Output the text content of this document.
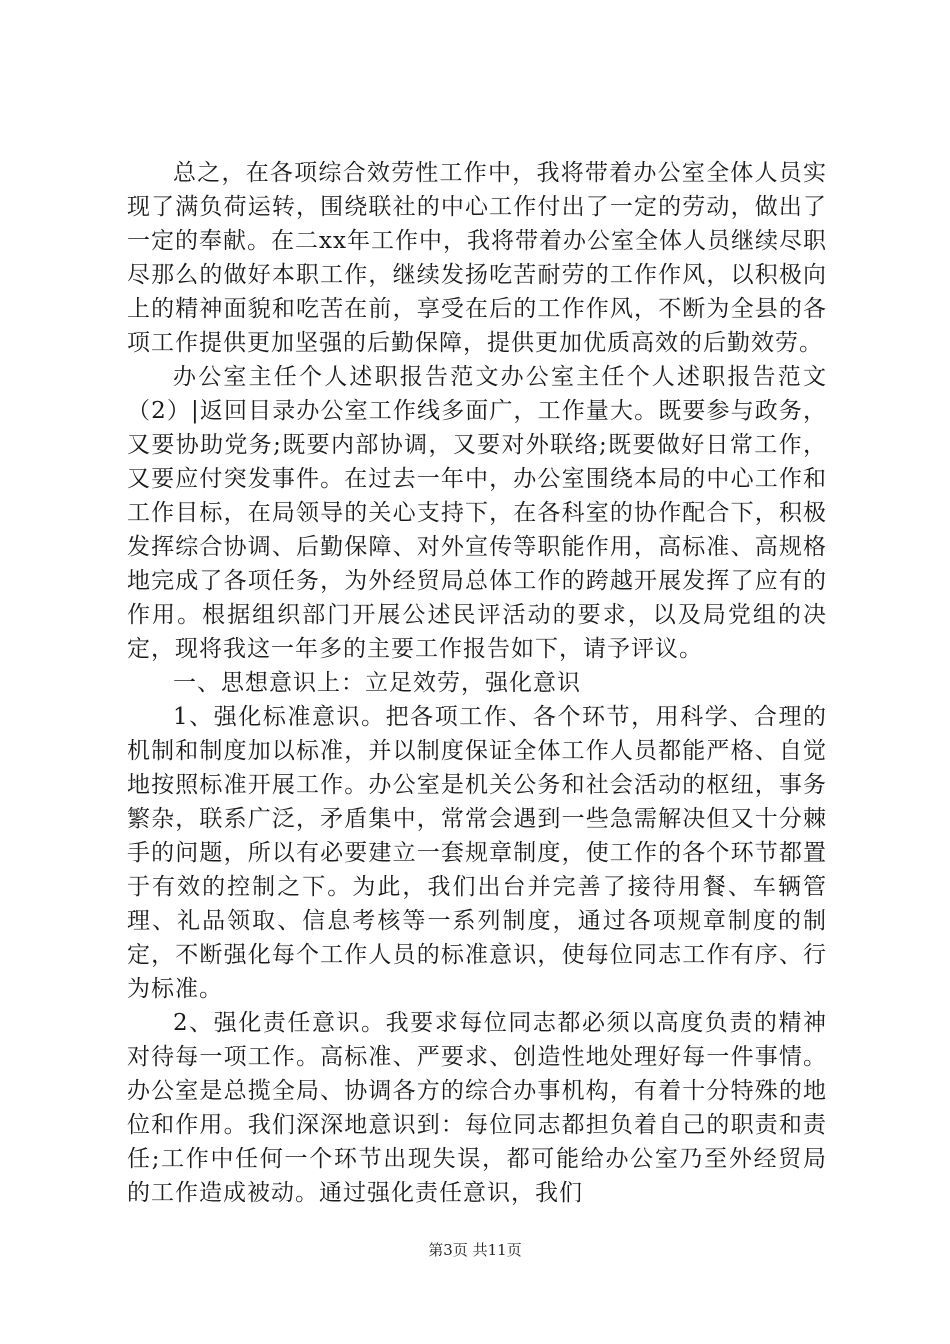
总之，在各项综合效劳性工作中，我将带着办公室全体人员实现了满负荷运转，围绕联社的中心工作付出了一定的劳动，做出了一定的奉献。在二xx年工作中，我将带着办公室全体人员继续尽职尽那么的做好本职工作，继续发扬吃苦耐劳的工作作风，以积极向上的精神面貌和吃苦在前，享受在后的工作作风，不断为全县的各项工作提供更加坚强的后勤保障，提供更加优质高效的后勤效劳。

办公室主任个人述职报告范文办公室主任个人述职报告范文（2）|返回目录办公室工作线多面广，工作量大。既要参与政务，又要协助党务;既要内部协调，又要对外联络;既要做好日常工作，又要应付突发事件。在过去一年中，办公室围绕本局的中心工作和工作目标，在局领导的关心支持下，在各科室的协作配合下，积极发挥综合协调、后勤保障、对外宣传等职能作用，高标准、高规格地完成了各项任务，为外经贸局总体工作的跨越开展发挥了应有的作用。根据组织部门开展公述民评活动的要求，以及局党组的决定，现将我这一年多的主要工作报告如下，请予评议。

一、思想意识上：立足效劳，强化意识

1、强化标准意识。把各项工作、各个环节，用科学、合理的机制和制度加以标准，并以制度保证全体工作人员都能严格、自觉地按照标准开展工作。办公室是机关公务和社会活动的枢纽，事务繁杂，联系广泛，矛盾集中，常常会遇到一些急需解决但又十分棘手的问题，所以有必要建立一套规章制度，使工作的各个环节都置于有效的控制之下。为此，我们出台并完善了接待用餐、车辆管理、礼品领取、信息考核等一系列制度，通过各项规章制度的制定，不断强化每个工作人员的标准意识，使每位同志工作有序、行为标准。

2、强化责任意识。我要求每位同志都必须以高度负责的精神对待每一项工作。高标准、严要求、创造性地处理好每一件事情。办公室是总揽全局、协调各方的综合办事机构，有着十分特殊的地位和作用。我们深深地意识到：每位同志都担负着自己的职责和责任;工作中任何一个环节出现失误，都可能给办公室乃至外经贸局的工作造成被动。通过强化责任意识，我们

第3页 共11页
